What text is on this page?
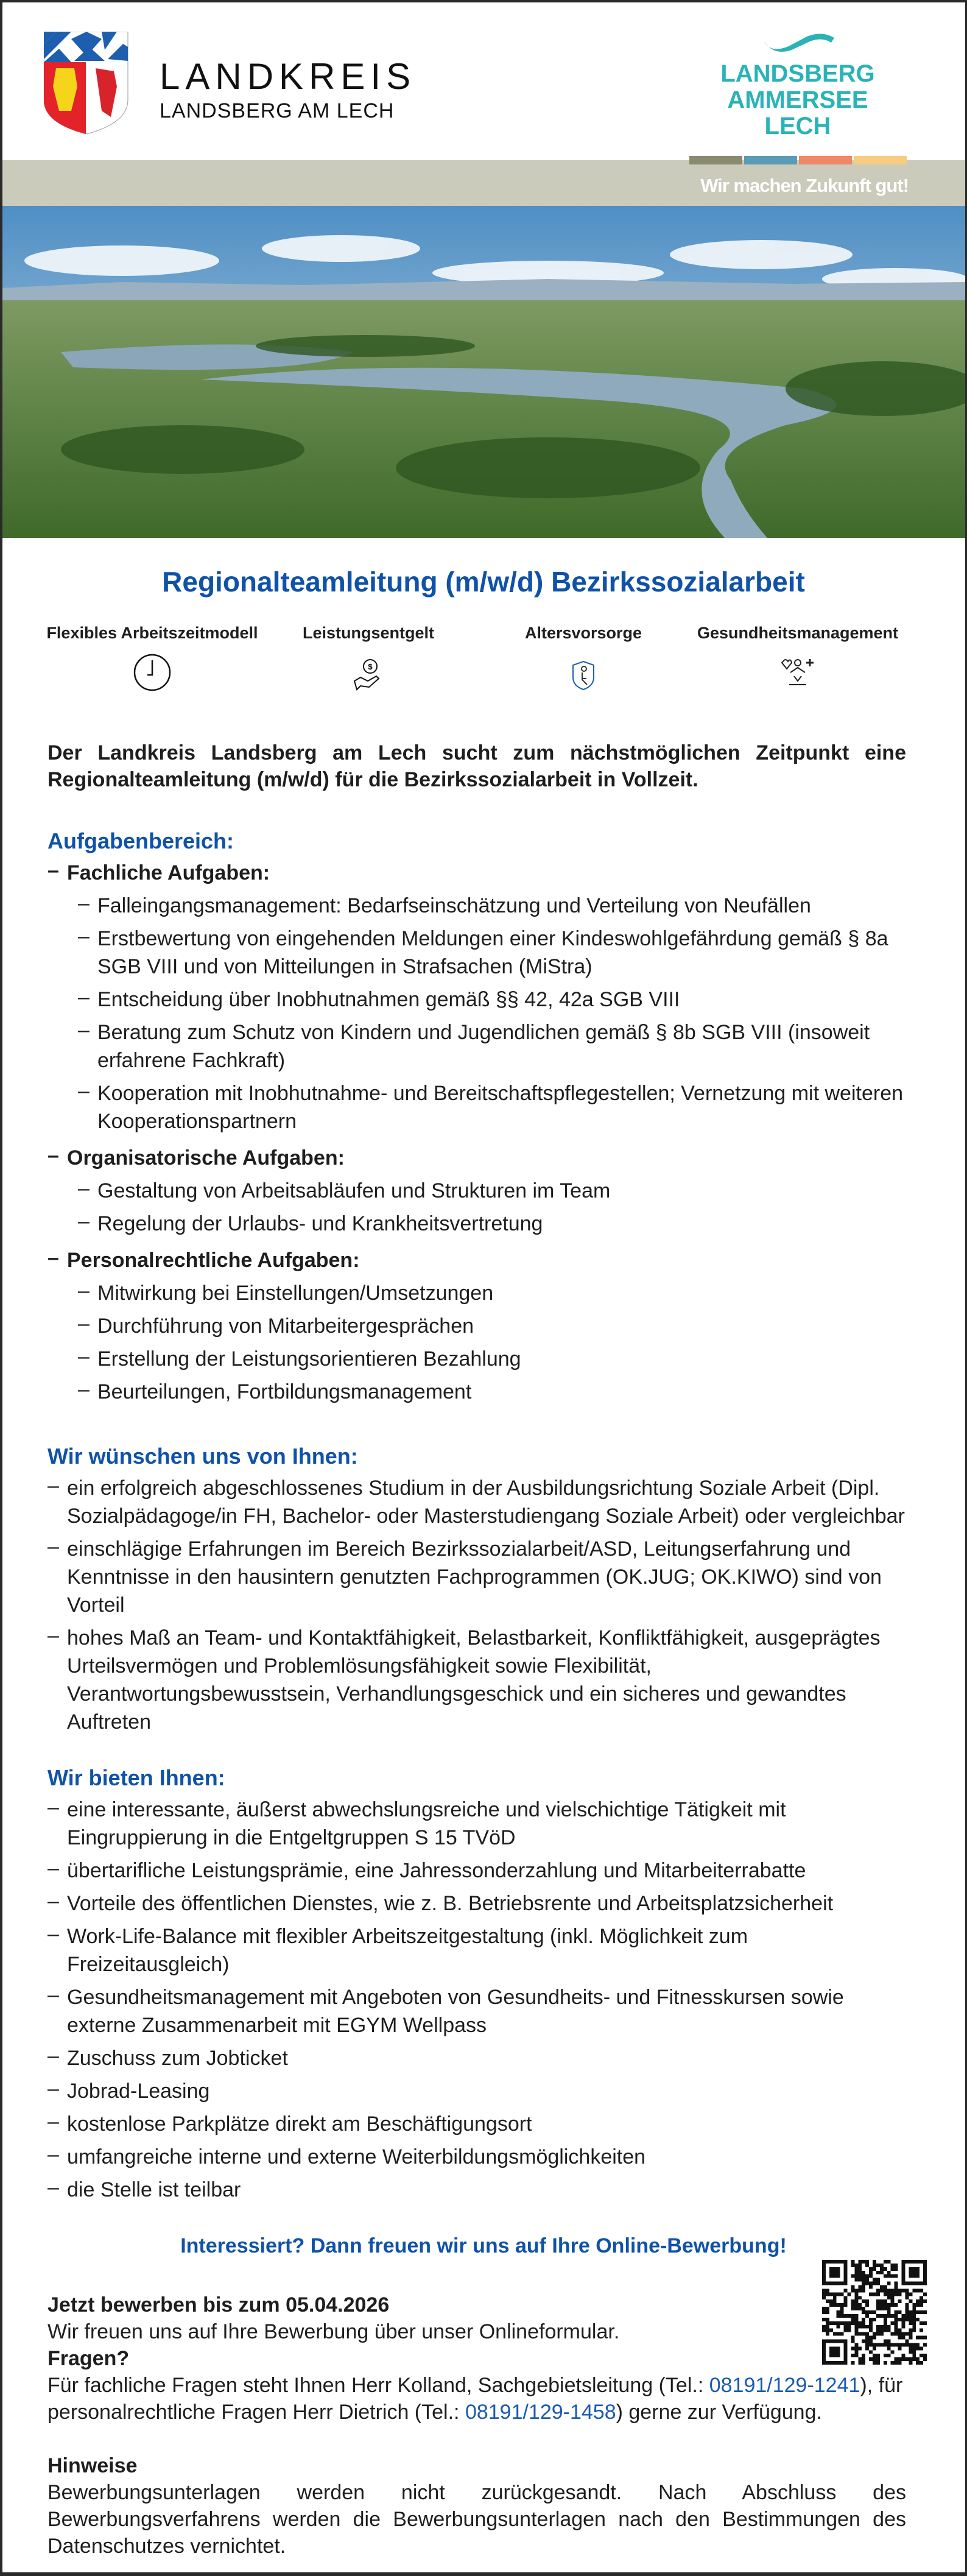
LANDKREIS
LANDSBERG AM LECH
LANDSBERG
AMMERSEE
LECH
Wir machen Zukunft gut!
Regionalteamleitung (m/w/d) Bezirkssozialarbeit
Flexibles Arbeitszeitmodell	Leistungsentgelt
$
Altersvorsorge	Gesundheitsmanagement
Der Landkreis Landsberg am Lech sucht zum nächstmöglichen Zeitpunkt eine Regionalteamleitung (m/w/d) für die Bezirkssozialarbeit in Vollzeit.
Aufgabenbereich:
– Fachliche Aufgaben:
– Falleingangsmanagement: Bedarfseinschätzung und Verteilung von Neufällen
– Erstbewertung von eingehenden Meldungen einer Kindeswohlgefährdung gemäß § 8a SGB VIII und von Mitteilungen in Strafsachen (MiStra)
– Entscheidung über Inobhutnahmen gemäß §§ 42, 42a SGB VIII
– Beratung zum Schutz von Kindern und Jugendlichen gemäß § 8b SGB VIII (insoweit erfahrene Fachkraft)
– Kooperation mit Inobhutnahme- und Bereitschaftspflegestellen; Vernetzung mit weiteren Kooperationspartnern
– Organisatorische Aufgaben:
– Gestaltung von Arbeitsabläufen und Strukturen im Team
– Regelung der Urlaubs- und Krankheitsvertretung
– Personalrechtliche Aufgaben:
– Mitwirkung bei Einstellungen/Umsetzungen
– Durchführung von Mitarbeitergesprächen
– Erstellung der Leistungsorientieren Bezahlung
– Beurteilungen, Fortbildungsmanagement
Wir wünschen uns von Ihnen:
– ein erfolgreich abgeschlossenes Studium in der Ausbildungsrichtung Soziale Arbeit (Dipl. Sozialpädagoge/in FH, Bachelor- oder Masterstudiengang Soziale Arbeit) oder vergleichbar
– einschlägige Erfahrungen im Bereich Bezirkssozialarbeit/ASD, Leitungserfahrung und Kenntnisse in den hausintern genutzten Fachprogrammen (OK.JUG; OK.KIWO) sind von Vorteil
– hohes Maß an Team- und Kontaktfähigkeit, Belastbarkeit, Konfliktfähigkeit, ausgeprägtes Urteilsvermögen und Problemlösungsfähigkeit sowie Flexibilität, Verantwortungsbewusstsein, Verhandlungsgeschick und ein sicheres und gewandtes Auftreten
Wir bieten Ihnen:
– eine interessante, äußerst abwechslungsreiche und vielschichtige Tätigkeit mit Eingruppierung in die Entgeltgruppen S 15 TVöD
– übertarifliche Leistungsprämie, eine Jahressonderzahlung und Mitarbeiterrabatte
– Vorteile des öffentlichen Dienstes, wie z. B. Betriebsrente und Arbeitsplatzsicherheit
– Work-Life-Balance mit flexibler Arbeitszeitgestaltung (inkl. Möglichkeit zum Freizeitausgleich)
– Gesundheitsmanagement mit Angeboten von Gesundheits- und Fitnesskursen sowie externe Zusammenarbeit mit EGYM Wellpass
– Zuschuss zum Jobticket
– Jobrad-Leasing
– kostenlose Parkplätze direkt am Beschäftigungsort
– umfangreiche interne und externe Weiterbildungsmöglichkeiten
– die Stelle ist teilbar
Interessiert? Dann freuen wir uns auf Ihre Online-Bewerbung!
Jetzt bewerben bis zum 05.04.2026
Wir freuen uns auf Ihre Bewerbung über unser Onlineformular.
Fragen?
Für fachliche Fragen steht Ihnen Herr Kolland, Sachgebietsleitung (Tel.: 08191/129-1241), für personalrechtliche Fragen Herr Dietrich (Tel.: 08191/129-1458) gerne zur Verfügung.
Hinweise
Bewerbungsunterlagen werden nicht zurückgesandt. Nach Abschluss des Bewerbungsverfahrens werden die Bewerbungsunterlagen nach den Bestimmungen des Datenschutzes vernichtet.
